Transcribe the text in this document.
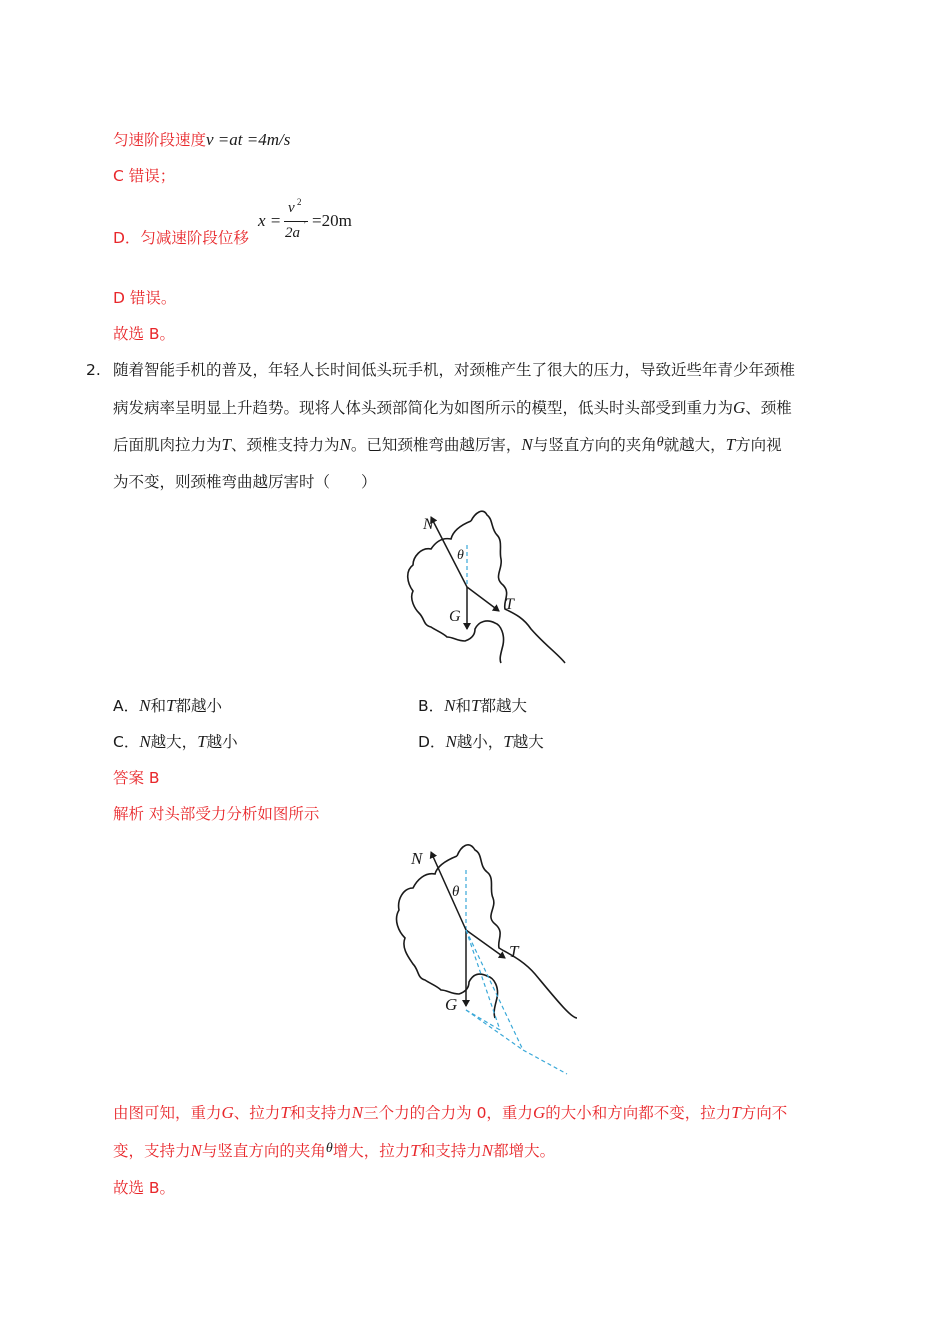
匀速阶段速度v =at =4m/s
C 错误；
D．匀减速阶段位移
x =
v 2
2a ′ =20m
D 错误。
故选 B。
2. 随着智能手机的普及，年轻人长时间低头玩手机，对颈椎产生了很大的压力，导致近些年青少年颈椎
病发病率呈明显上升趋势。现将人体头颈部简化为如图所示的模型，低头时头部受到重力为G、颈椎
后面肌肉拉力为T、颈椎支持力为N。已知颈椎弯曲越厉害，N与竖直方向的夹角θ就越大，T方向视
为不变，则颈椎弯曲越厉害时（　　）
N
θ
G
T
A．N和T都越小	B．N和T都越大
C．N越大，T越小	D．N越小，T越大
答案 B
解析 对头部受力分析如图所示
N
θ
G
T
由图可知，重力G、拉力T和支持力N三个力的合力为 0，重力G的大小和方向都不变，拉力T方向不
变，支持力N与竖直方向的夹角θ增大，拉力T和支持力N都增大。
故选 B。
